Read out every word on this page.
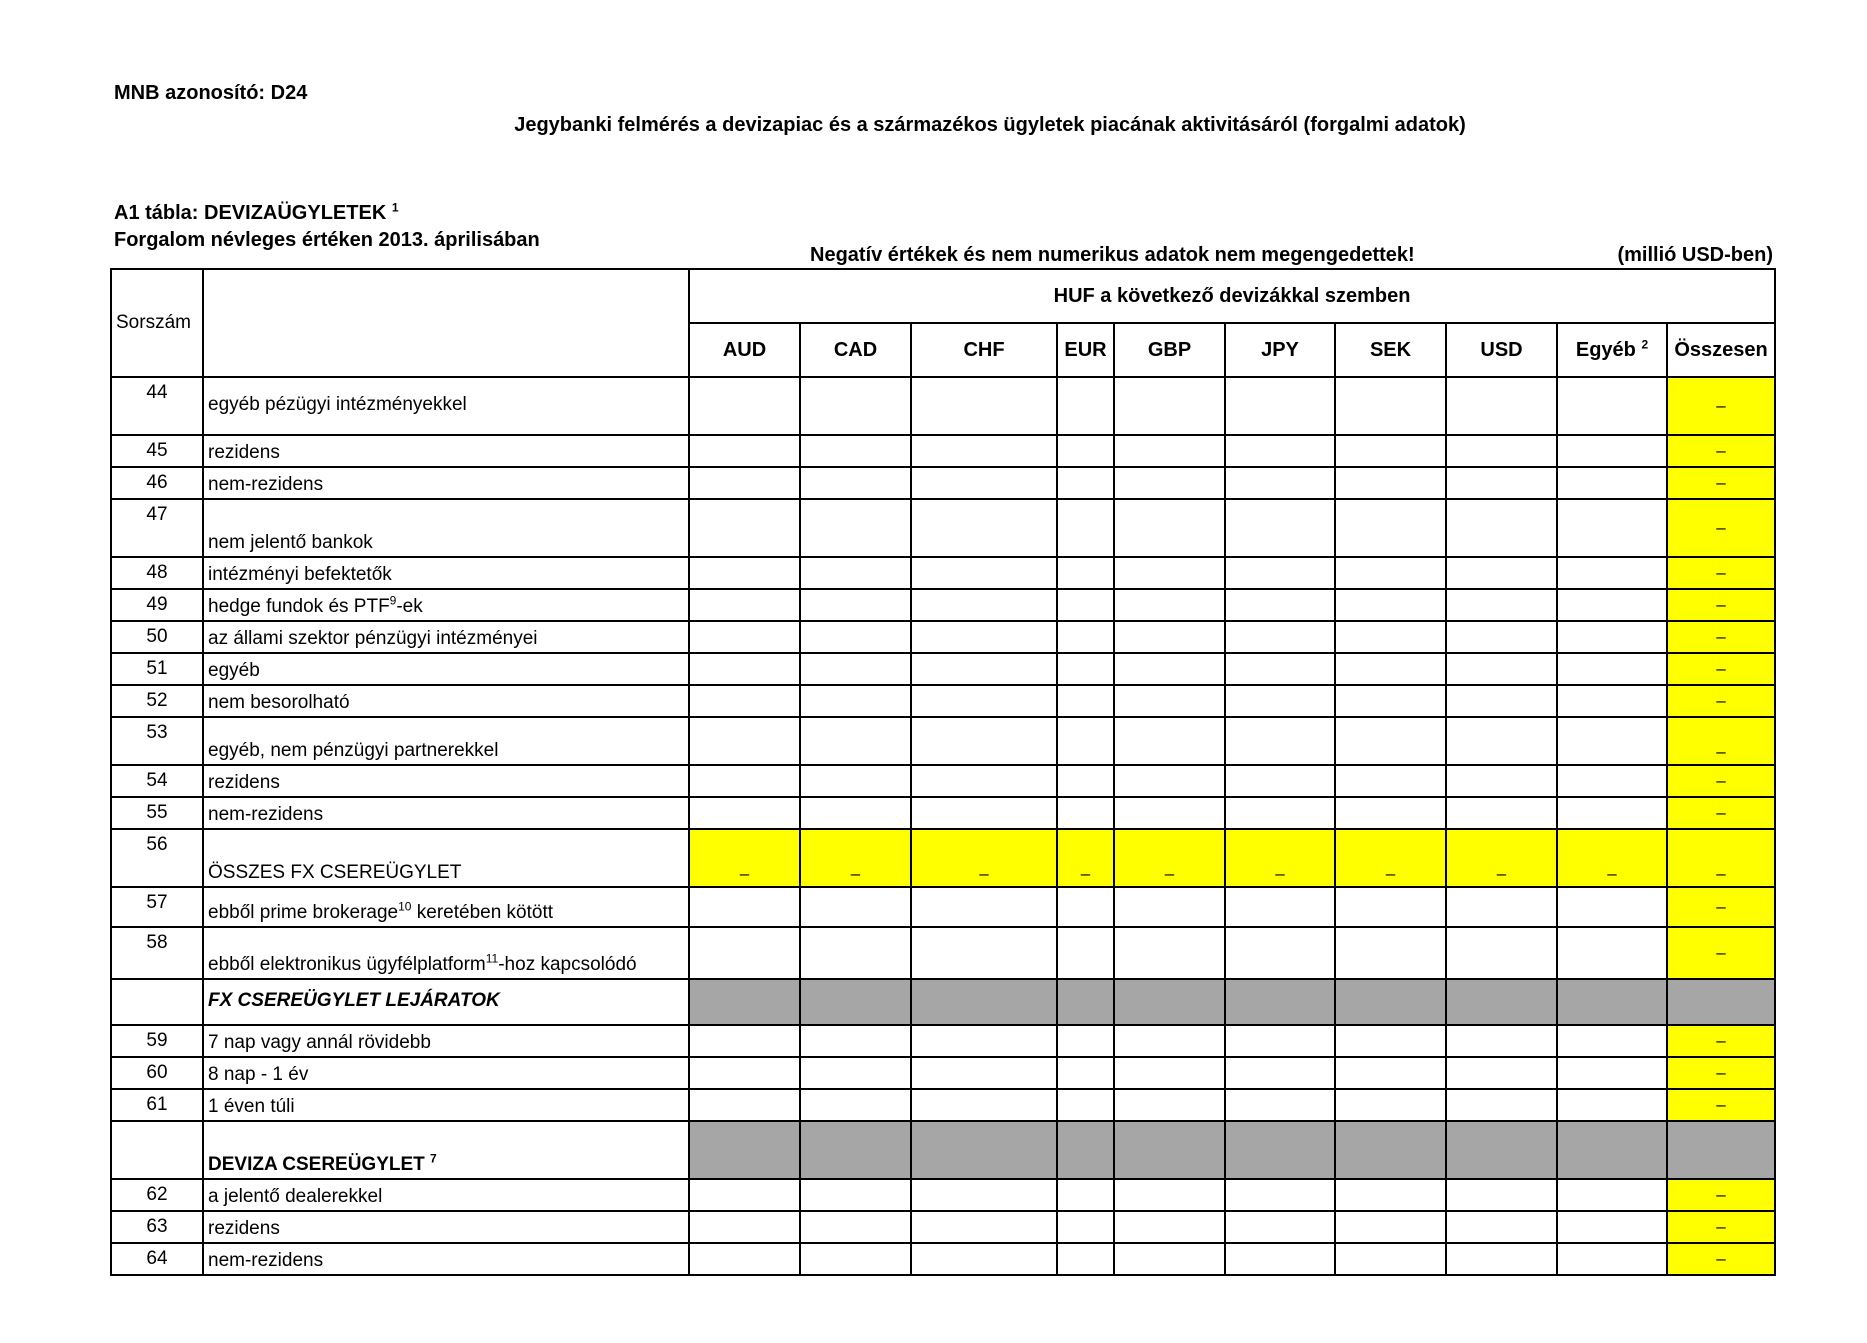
MNB azonosító: D24
Jegybanki felmérés a devizapiac és a származékos ügyletek piacának aktivitásáról (forgalmi adatok)
A1 tábla: DEVIZAÜGYLETEK $^1$
Forgalom névleges értéken 2013. áprilisában
Negatív értékek és nem numerikus adatok nem megengedettek!	(millió USD-ben)
Sorszám		HUF a következő devizákkal szemben									
		AUD	CAD	CHF	EUR	GBP	JPY	SEK	USD	Egyéb $^2$	Összesen
44	egyéb pézügyi intézményekkel										–
45	rezidens										–
46	nem-rezidens										–
47	nem jelentő bankok										–
48	intézményi befektetők										–
49	hedge fundok és PTF$^9$-ek										–
50	az állami szektor pénzügyi intézményei										–
51	egyéb										–
52	nem besorolható										–
53	egyéb, nem pénzügyi partnerekkel										–
54	rezidens										–
55	nem-rezidens										–
56	ÖSSZES FX CSEREÜGYLET	–	–	–	–	–	–	–	–	–	–
57	ebből prime brokerage$^{10}$ keretében kötött										–
58	ebből elektronikus ügyfélplatform$^{11}$-hoz kapcsolódó										–
	FX CSEREÜGYLET LEJÁRATOK										
59	7 nap vagy annál rövidebb										–
60	8 nap - 1 év										–
61	1 éven túli										–
	DEVIZA CSEREÜGYLET $^7$										
62	a jelentő dealerekkel										–
63	rezidens										–
64	nem-rezidens										–
